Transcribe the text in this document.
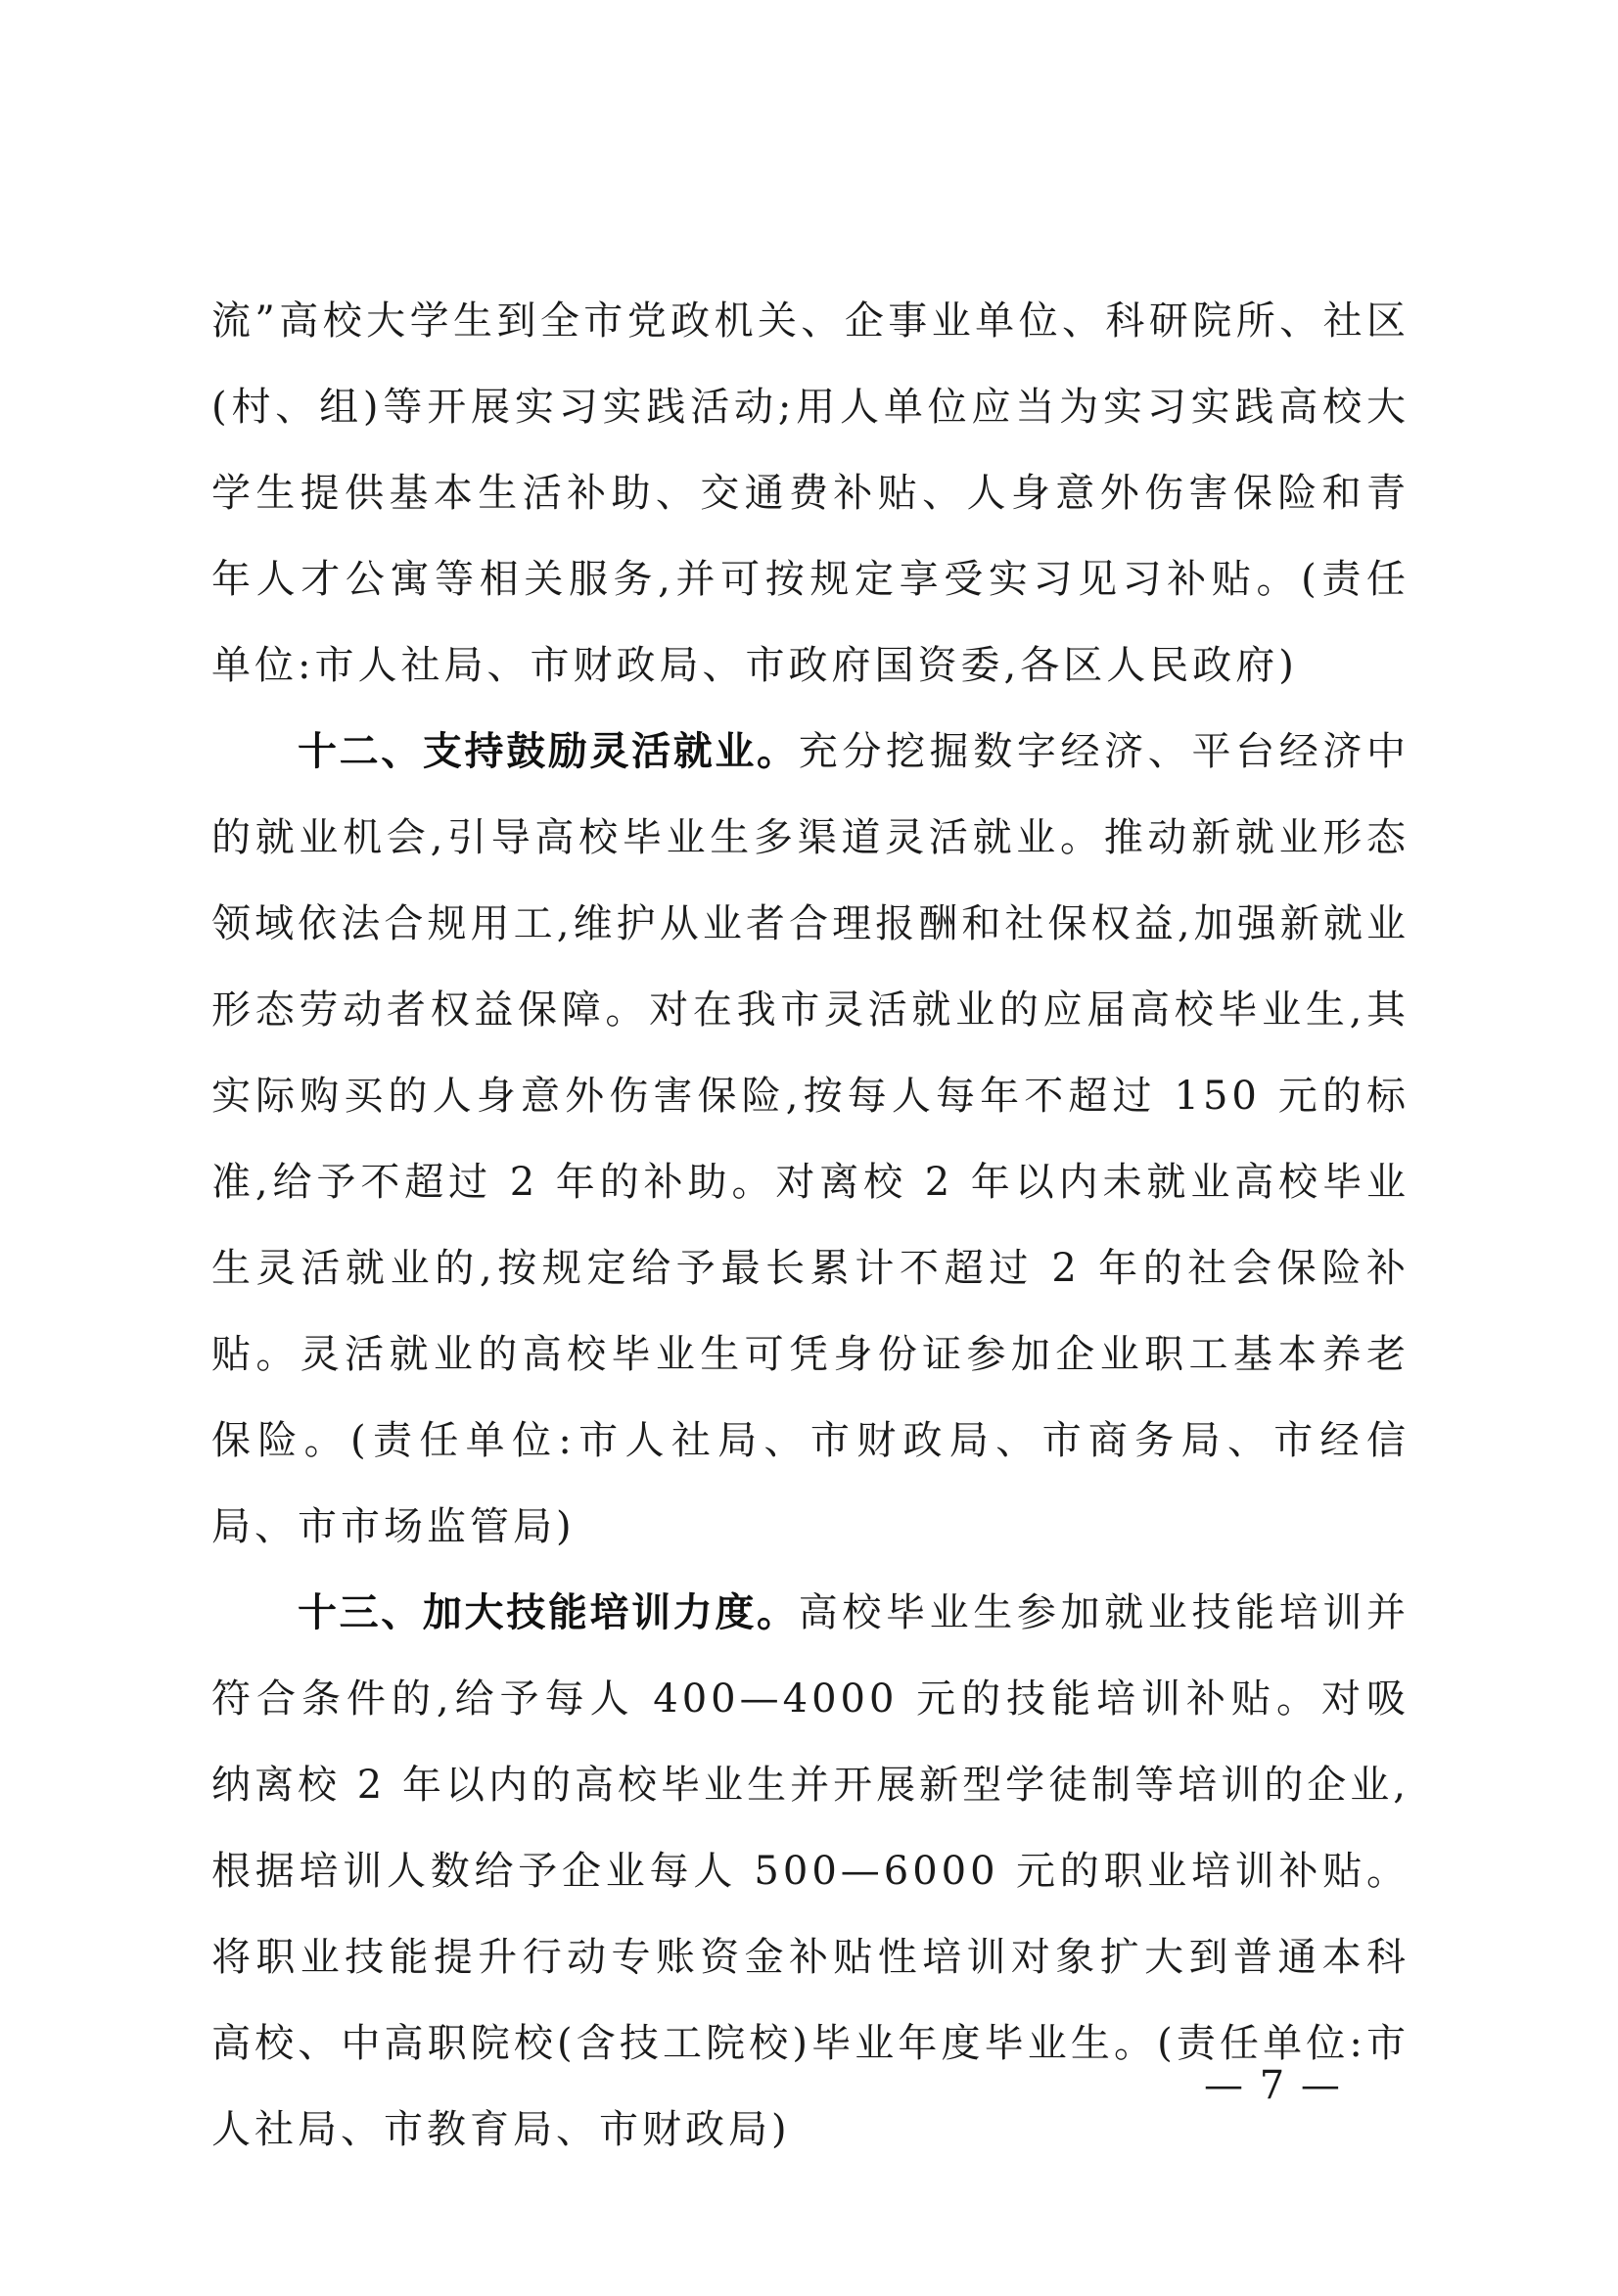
流”高校大学生到全市党政机关、企事业单位、科研院所、社区(村、组)等开展实习实践活动;用人单位应当为实习实践高校大学生提供基本生活补助、交通费补贴、人身意外伤害保险和青年人才公寓等相关服务,并可按规定享受实习见习补贴。(责任单位:市人社局、市财政局、市政府国资委,各区人民政府)

十二、支持鼓励灵活就业。充分挖掘数字经济、平台经济中的就业机会,引导高校毕业生多渠道灵活就业。推动新就业形态领域依法合规用工,维护从业者合理报酬和社保权益,加强新就业形态劳动者权益保障。对在我市灵活就业的应届高校毕业生,其实际购买的人身意外伤害保险,按每人每年不超过 150 元的标准,给予不超过 2 年的补助。对离校 2 年以内未就业高校毕业生灵活就业的,按规定给予最长累计不超过 2 年的社会保险补贴。灵活就业的高校毕业生可凭身份证参加企业职工基本养老保险。(责任单位:市人社局、市财政局、市商务局、市经信局、市市场监管局)

十三、加大技能培训力度。高校毕业生参加就业技能培训并符合条件的,给予每人 400—4000 元的技能培训补贴。对吸纳离校 2 年以内的高校毕业生并开展新型学徒制等培训的企业,根据培训人数给予企业每人 500—6000 元的职业培训补贴。将职业技能提升行动专账资金补贴性培训对象扩大到普通本科高校、中高职院校(含技工院校)毕业年度毕业生。(责任单位:市人社局、市教育局、市财政局)

— 7 —
